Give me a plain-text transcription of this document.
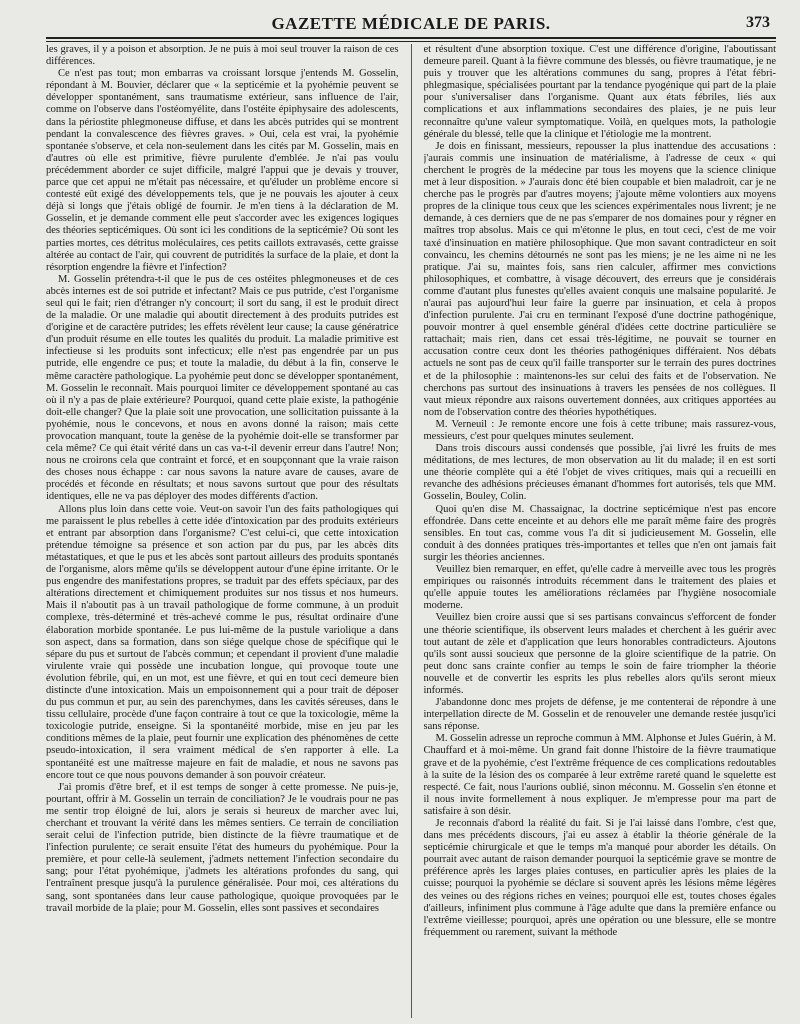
GAZETTE MÉDICALE DE PARIS.	373

les graves, il y a poison et absorption. Je ne puis à moi seul trouver la raison de ces différences.

Ce n'est pas tout; mon embarras va croissant lorsque j'entends M. Gosselin, répondant à M. Bouvier, déclarer que « la septicémie et la pyohémie peuvent se développer spontanément, sans traumatisme extérieur, sans influence de l'air, comme on l'observe dans l'ostéomyélite, dans l'ostéite épiphysaire des adolescents, dans la périostite phlegmoneuse diffuse, et dans les abcès putrides qui se montrent pendant la convalescence des fièvres graves. » Oui, cela est vrai, la pyohémie spontanée s'observe, et cela non-seulement dans les cités par M. Gosselin, mais en d'autres où elle est primitive, fièvre purulente d'emblée. Je n'ai pas voulu précédemment aborder ce sujet difficile, malgré l'appui que je devais y trouver, parce que cet appui ne m'était pas nécessaire, et qu'éluder un problème encore si contesté eût exigé des développements tels, que je ne pouvais les ajouter à ceux déjà si longs que j'étais obligé de fournir. Je m'en tiens à la déclaration de M. Gosselin, et je demande comment elle peut s'accorder avec les exigences logiques des théories septicémiques. Où sont ici les conditions de la septicémie? Où sont les parties mortes, ces détritus moléculaires, ces petits caillots extravasés, cette graisse altérée au contact de l'air, qui couvrent de putridités la surface de la plaie, et dont la résorption engendre la fièvre et l'infection?

M. Gosselin prétendra-t-il que le pus de ces ostéites phlegmoneuses et de ces abcès internes est de soi putride et infectant? Mais ce pus putride, c'est l'organisme seul qui le fait; rien d'étranger n'y concourt; il sort du sang, il est le produit direct de la maladie. Or une maladie qui aboutit directement à des produits putrides est d'origine et de caractère putrides; les effets révèlent leur cause; la cause génératrice d'un produit résume en elle toutes les qualités du produit. La maladie primitive est infectieuse si les produits sont infecticux; elle n'est pas engendrée par un pus putride, elle engendre ce pus; et toute la maladie, du début à la fin, conserve le même caractère pathologique. La pyohémie peut donc se développer spontanément, M. Gosselin le reconnaît. Mais pourquoi limiter ce développement spontané au cas où il n'y a pas de plaie extérieure? Pourquoi, quand cette plaie existe, la pathogénie doit-elle changer? Que la plaie soit une provocation, une sollicitation puissante à la pyohémie, nous le concevons, et nous en avons donné la raison; mais cette provocation manquant, toute la genèse de la pyohémie doit-elle se transformer par cela même? Ce qui était vérité dans un cas va-t-il devenir erreur dans l'autre! Non; nous ne croirons cela que contraint et forcé, et en soupçonnant que la vraie raison des choses nous échappe : car nous savons la nature avare de causes, avare de procédés et féconde en résultats; et nous savons surtout que pour des résultats identiques, elle ne va pas déployer des modes différents d'action.

Allons plus loin dans cette voie. Veut-on savoir l'un des faits pathologiques qui me paraissent le plus rebelles à cette idée d'intoxication par des produits extérieurs et entrant par absorption dans l'organisme? C'est celui-ci, que cette intoxication prétendue témoigne sa présence et son action par du pus, par les abcès dits métastatiques, et que le pus et les abcès sont partout ailleurs des produits spontanés de l'organisme, alors même qu'ils se développent autour d'une épine irritante. Or le pus engendre des manifestations propres, se traduit par des effets spéciaux, par des altérations directement et chimiquement produites sur nos tissus et nos humeurs. Mais il n'aboutit pas à un travail pathologique de forme commune, à un produit complexe, très-déterminé et très-achevé comme le pus, résultat ordinaire d'une élaboration morbide spontanée. Le pus lui-même de la pustule variolique a dans son aspect, dans sa formation, dans son siége quelque chose de spécifique qui le sépare du pus et surtout de l'abcès commun; et cependant il provient d'une maladie virulente vraie qui possède une incubation longue, qui provoque toute une évolution fébrile, qui, en un mot, est une fièvre, et qui en tout ceci demeure bien distincte d'une intoxication. Mais un empoisonnement qui a pour trait de déposer du pus commun et pur, au sein des parenchymes, dans les cavités séreuses, dans le tissu cellulaire, procède d'une façon contraire à tout ce que la toxicologie, même la toxicologie putride, enseigne. Si la spontanéité morbide, mise en jeu par les conditions mêmes de la plaie, peut fournir une explication des phénomènes de cette pseudo-intoxication, il sera vraiment médical de s'en rapporter à elle. La spontanéité est une maîtresse majeure en fait de maladie, et nous ne savons pas encore tout ce que nous pouvons demander à son pouvoir créateur.

J'ai promis d'être bref, et il est temps de songer à cette promesse. Ne puis-je, pourtant, offrir à M. Gosselin un terrain de conciliation? Je le voudrais pour ne pas me sentir trop éloigné de lui, alors je serais si heureux de marcher avec lui, cherchant et trouvant la vérité dans les mêmes sentiers. Ce terrain de conciliation serait celui de l'infection putride, bien distincte de la fièvre traumatique et de l'infection purulente; ce serait ensuite l'état des humeurs du pyohémique. Pour la première, et pour celle-là seulement, j'admets nettement l'infection secondaire du sang; pour l'état pyohémique, j'admets les altérations profondes du sang, qui l'entraînent presque jusqu'à la purulence généralisée. Pour moi, ces altérations du sang, sont spontanées dans leur cause pathologique, quoique provoquées par le travail morbide de la plaie; pour M. Gosselin, elles sont passives et secondaires

et résultent d'une absorption toxique. C'est une différence d'origine, l'aboutissant demeure pareil. Quant à la fièvre commune des blessés, ou fièvre traumatique, je ne puis y trouver que les altérations communes du sang, propres à l'état fébri-phlegmasique, spécialisées pourtant par la tendance pyogénique qui part de la plaie pour s'universaliser dans l'organisme. Quant aux états fébriles, liés aux complications et aux inflammations secondaires des plaies, je ne puis leur reconnaître qu'une valeur symptomatique. Voilà, en quelques mots, la pathologie générale du blessé, telle que la clinique et l'étiologie me la montrent.

Je dois en finissant, messieurs, repousser la plus inattendue des accusations : j'aurais commis une insinuation de matérialisme, à l'adresse de ceux « qui cherchent le progrès de la médecine par tous les moyens que la science clinique met à leur disposition. » J'aurais donc été bien coupable et bien maladroit, car je ne cherche pas le progrès par d'autres moyens; j'ajoute même volontiers aux moyens propres de la clinique tous ceux que les sciences expérimentales nous livrent; je ne demande, à ces derniers que de ne pas s'emparer de nos domaines pour y régner en maîtres trop absolus. Mais ce qui m'étonne le plus, en tout ceci, c'est de me voir taxé d'insinuation en matière philosophique. Que mon savant contradicteur en soit convaincu, les chemins détournés ne sont pas les miens; je ne les aime ni ne les pratique. J'ai su, maintes fois, sans rien calculer, affirmer mes convictions philosophiques, et combattre, à visage découvert, des erreurs que je considérais comme d'autant plus funestes qu'elles avaient conquis une malsaine popularité. Je n'aurai pas aujourd'hui leur faire la guerre par insinuation, et cela à propos d'infection purulente. J'ai cru en terminant l'exposé d'une doctrine pathogénique, pouvoir montrer à quel ensemble général d'idées cette doctrine particulière se rattachait; mais rien, dans cet essai très-légitime, ne pouvait se tourner en accusation contre ceux dont les théories pathogéniques différaient. Nos débats actuels ne sont pas de ceux qu'il faille transporter sur le terrain des pures doctrines et de la philosophie : maintenons-les sur celui des faits et de l'observation. Ne cherchons pas surtout des insinuations à travers les pensées de nos collègues. Il vaut mieux répondre aux raisons ouvertement données, aux critiques apportées au nom de l'observation contre des théories hypothétiques.

M. Verneuil : Je remonte encore une fois à cette tribune; mais rassurez-vous, messieurs, c'est pour quelques minutes seulement.

Dans trois discours aussi condensés que possible, j'ai livré les fruits de mes méditations, de mes lectures, de mon observation au lit du malade; il en est sorti une théorie complète qui a été l'objet de vives critiques, mais qui a recueilli en revanche des adhésions précieuses émanant d'hommes fort autorisés, tels que MM. Gosselin, Bouley, Colin.

Quoi qu'en dise M. Chassaignac, la doctrine septicémique n'est pas encore effondrée. Dans cette enceinte et au dehors elle me paraît même faire des progrès sensibles. En tout cas, comme vous l'a dit si judicieusement M. Gosselin, elle conduit à des données pratiques très-importantes et telles que n'en ont jamais fait surgir les théories anciennes.

Veuillez bien remarquer, en effet, qu'elle cadre à merveille avec tous les progrès empiriques ou raisonnés introduits récemment dans le traitement des plaies et qu'elle appuie toutes les améliorations réclamées par l'hygiène nosocomiale moderne.

Veuillez bien croire aussi que si ses partisans convaincus s'efforcent de fonder une théorie scientifique, ils observent leurs malades et cherchent à les guérir avec tout autant de zèle et d'application que leurs honorables contradicteurs. Ajoutons qu'ils sont aussi soucieux que personne de la gloire scientifique de la patrie. On peut donc sans crainte confier au temps le soin de faire triompher la théorie nouvelle et de convertir les esprits les plus rebelles alors qu'ils seront mieux informés.

J'abandonne donc mes projets de défense, je me contenterai de répondre à une interpellation directe de M. Gosselin et de renouveler une demande restée jusqu'ici sans réponse.

M. Gosselin adresse un reproche commun à MM. Alphonse et Jules Guérin, à M. Chauffard et à moi-même. Un grand fait donne l'histoire de la fièvre traumatique grave et de la pyohémie, c'est l'extrême fréquence de ces complications redoutables à la suite de la lésion des os comparée à leur extrême rareté quand le squelette est respecté. Ce fait, nous l'aurions oublié, sinon méconnu. M. Gosselin s'en étonne et il nous invite formellement à nous expliquer. Je m'empresse pour ma part de satisfaire à son désir.

Je reconnais d'abord la réalité du fait. Si je l'ai laissé dans l'ombre, c'est que, dans mes précédents discours, j'ai eu assez à établir la théorie générale de la septicémie chirurgicale et que le temps m'a manqué pour aborder les détails. On pourrait avec autant de raison demander pourquoi la septicémie grave se montre de préférence après les larges plaies contuses, en particulier après les plaies de la cuisse; pourquoi la pyohémie se déclare si souvent après les lésions même légères des veines ou des régions riches en veines; pourquoi elle est, toutes choses égales d'ailleurs, infiniment plus commune à l'âge adulte que dans la première enfance ou l'extrême vieillesse; pourquoi, après une opération ou une blessure, elle se montre fréquemment ou rarement, suivant la méthode
